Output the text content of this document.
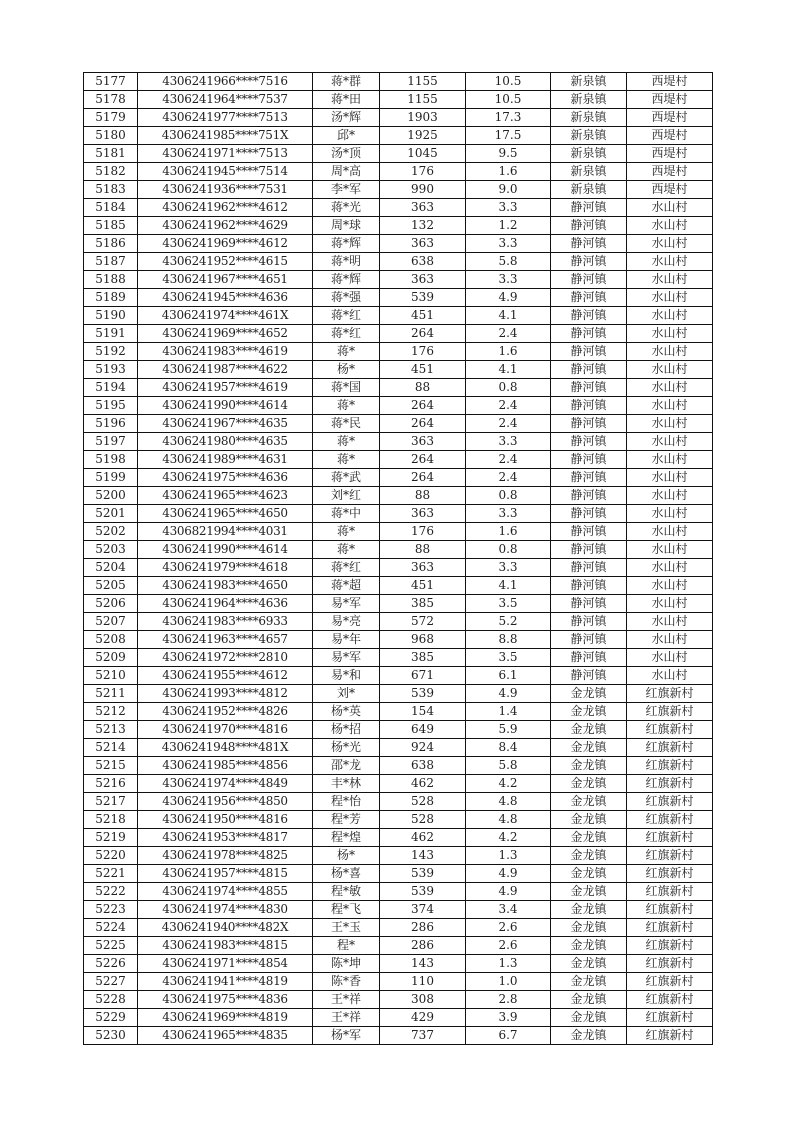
5177	4306241966****7516	蒋*群	1155	10.5	新泉镇	西堤村
5178	4306241964****7537	蒋*田	1155	10.5	新泉镇	西堤村
5179	4306241977****7513	汤*辉	1903	17.3	新泉镇	西堤村
5180	4306241985****751X	邱*	1925	17.5	新泉镇	西堤村
5181	4306241971****7513	汤*顶	1045	9.5	新泉镇	西堤村
5182	4306241945****7514	周*高	176	1.6	新泉镇	西堤村
5183	4306241936****7531	李*军	990	9.0	新泉镇	西堤村
5184	4306241962****4612	蒋*光	363	3.3	静河镇	水山村
5185	4306241962****4629	周*球	132	1.2	静河镇	水山村
5186	4306241969****4612	蒋*辉	363	3.3	静河镇	水山村
5187	4306241952****4615	蒋*明	638	5.8	静河镇	水山村
5188	4306241967****4651	蒋*辉	363	3.3	静河镇	水山村
5189	4306241945****4636	蒋*强	539	4.9	静河镇	水山村
5190	4306241974****461X	蒋*红	451	4.1	静河镇	水山村
5191	4306241969****4652	蒋*红	264	2.4	静河镇	水山村
5192	4306241983****4619	蒋*	176	1.6	静河镇	水山村
5193	4306241987****4622	杨*	451	4.1	静河镇	水山村
5194	4306241957****4619	蒋*国	88	0.8	静河镇	水山村
5195	4306241990****4614	蒋*	264	2.4	静河镇	水山村
5196	4306241967****4635	蒋*民	264	2.4	静河镇	水山村
5197	4306241980****4635	蒋*	363	3.3	静河镇	水山村
5198	4306241989****4631	蒋*	264	2.4	静河镇	水山村
5199	4306241975****4636	蒋*武	264	2.4	静河镇	水山村
5200	4306241965****4623	刘*红	88	0.8	静河镇	水山村
5201	4306241965****4650	蒋*中	363	3.3	静河镇	水山村
5202	4306821994****4031	蒋*	176	1.6	静河镇	水山村
5203	4306241990****4614	蒋*	88	0.8	静河镇	水山村
5204	4306241979****4618	蒋*红	363	3.3	静河镇	水山村
5205	4306241983****4650	蒋*超	451	4.1	静河镇	水山村
5206	4306241964****4636	易*军	385	3.5	静河镇	水山村
5207	4306241983****6933	易*亮	572	5.2	静河镇	水山村
5208	4306241963****4657	易*年	968	8.8	静河镇	水山村
5209	4306241972****2810	易*军	385	3.5	静河镇	水山村
5210	4306241955****4612	易*和	671	6.1	静河镇	水山村
5211	4306241993****4812	刘*	539	4.9	金龙镇	红旗新村
5212	4306241952****4826	杨*英	154	1.4	金龙镇	红旗新村
5213	4306241970****4816	杨*招	649	5.9	金龙镇	红旗新村
5214	4306241948****481X	杨*光	924	8.4	金龙镇	红旗新村
5215	4306241985****4856	邵*龙	638	5.8	金龙镇	红旗新村
5216	4306241974****4849	丰*林	462	4.2	金龙镇	红旗新村
5217	4306241956****4850	程*怡	528	4.8	金龙镇	红旗新村
5218	4306241950****4816	程*芳	528	4.8	金龙镇	红旗新村
5219	4306241953****4817	程*煌	462	4.2	金龙镇	红旗新村
5220	4306241978****4825	杨*	143	1.3	金龙镇	红旗新村
5221	4306241957****4815	杨*喜	539	4.9	金龙镇	红旗新村
5222	4306241974****4855	程*敏	539	4.9	金龙镇	红旗新村
5223	4306241974****4830	程*飞	374	3.4	金龙镇	红旗新村
5224	4306241940****482X	王*玉	286	2.6	金龙镇	红旗新村
5225	4306241983****4815	程*	286	2.6	金龙镇	红旗新村
5226	4306241971****4854	陈*坤	143	1.3	金龙镇	红旗新村
5227	4306241941****4819	陈*香	110	1.0	金龙镇	红旗新村
5228	4306241975****4836	王*祥	308	2.8	金龙镇	红旗新村
5229	4306241969****4819	王*祥	429	3.9	金龙镇	红旗新村
5230	4306241965****4835	杨*军	737	6.7	金龙镇	红旗新村
